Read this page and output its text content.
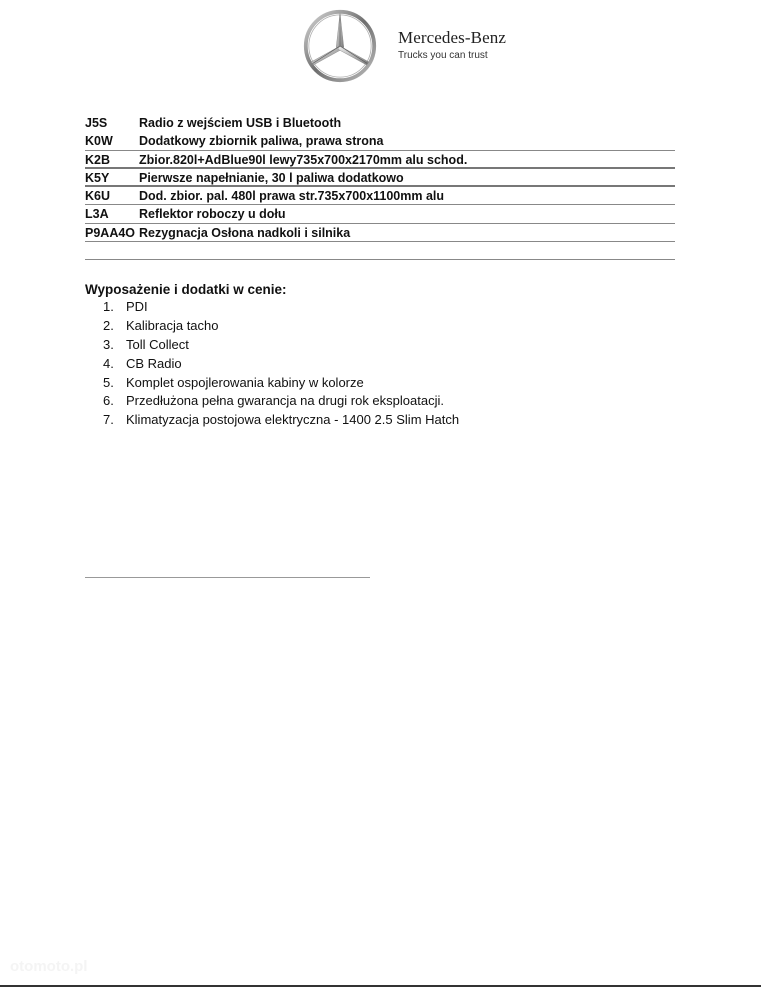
Mercedes-Benz
Trucks you can trust
J5S	Radio z wejściem USB i Bluetooth
K0W Dodatkowy zbiornik paliwa, prawa strona
K2B Zbior.820l+AdBlue90l lewy735x700x2170mm alu schod.
K5Y Pierwsze napełnianie, 30 l paliwa dodatkowo
K6U Dod. zbior. pal. 480l prawa str.735x700x1100mm alu
L3A Reflektor roboczy u dołu
P9AA4O Rezygnacja Osłona nadkoli i silnika
Wyposażenie i dodatki w cenie:
1. PDI
2. Kalibracja tacho
3. Toll Collect
4. CB Radio
5. Komplet ospojlerowania kabiny w kolorze
6. Przedłużona pełna gwarancja na drugi rok eksploatacji.
7. Klimatyzacja postojowa elektryczna - 1400 2.5 Slim Hatch
otomoto.pl
